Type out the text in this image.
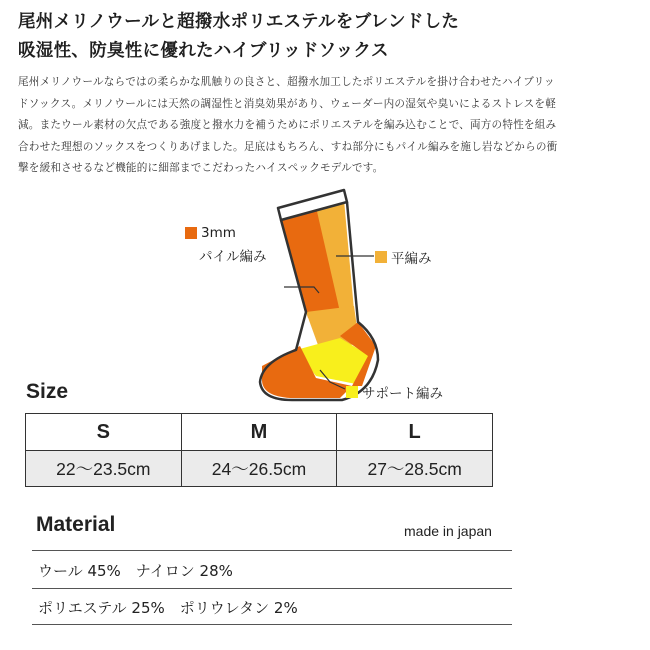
尾州メリノウールと超撥水ポリエステルをブレンドした
吸湿性、防臭性に優れたハイブリッドソックス
尾州メリノウールならではの柔らかな肌触りの良さと、超撥水加工したポリエステルを掛け合わせたハイブリッ
ドソックス。メリノウールには天然の調湿性と消臭効果があり、ウェーダー内の湿気や臭いによるストレスを軽
減。またウール素材の欠点である強度と撥水力を補うためにポリエステルを編み込むことで、両方の特性を組み
合わせた理想のソックスをつくりあげました。足底はもちろん、すね部分にもパイル編みを施し岩などからの衝
撃を緩和させるなど機能的に細部までこだわったハイスペックモデルです。
3mm
パイル編み	平編み
サポート編み
Size
S	M	L
22〜23.5cm	24〜26.5cm	27〜28.5cm
Material	made in japan
ウール 45%　ナイロン 28%
ポリエステル 25%　ポリウレタン 2%
